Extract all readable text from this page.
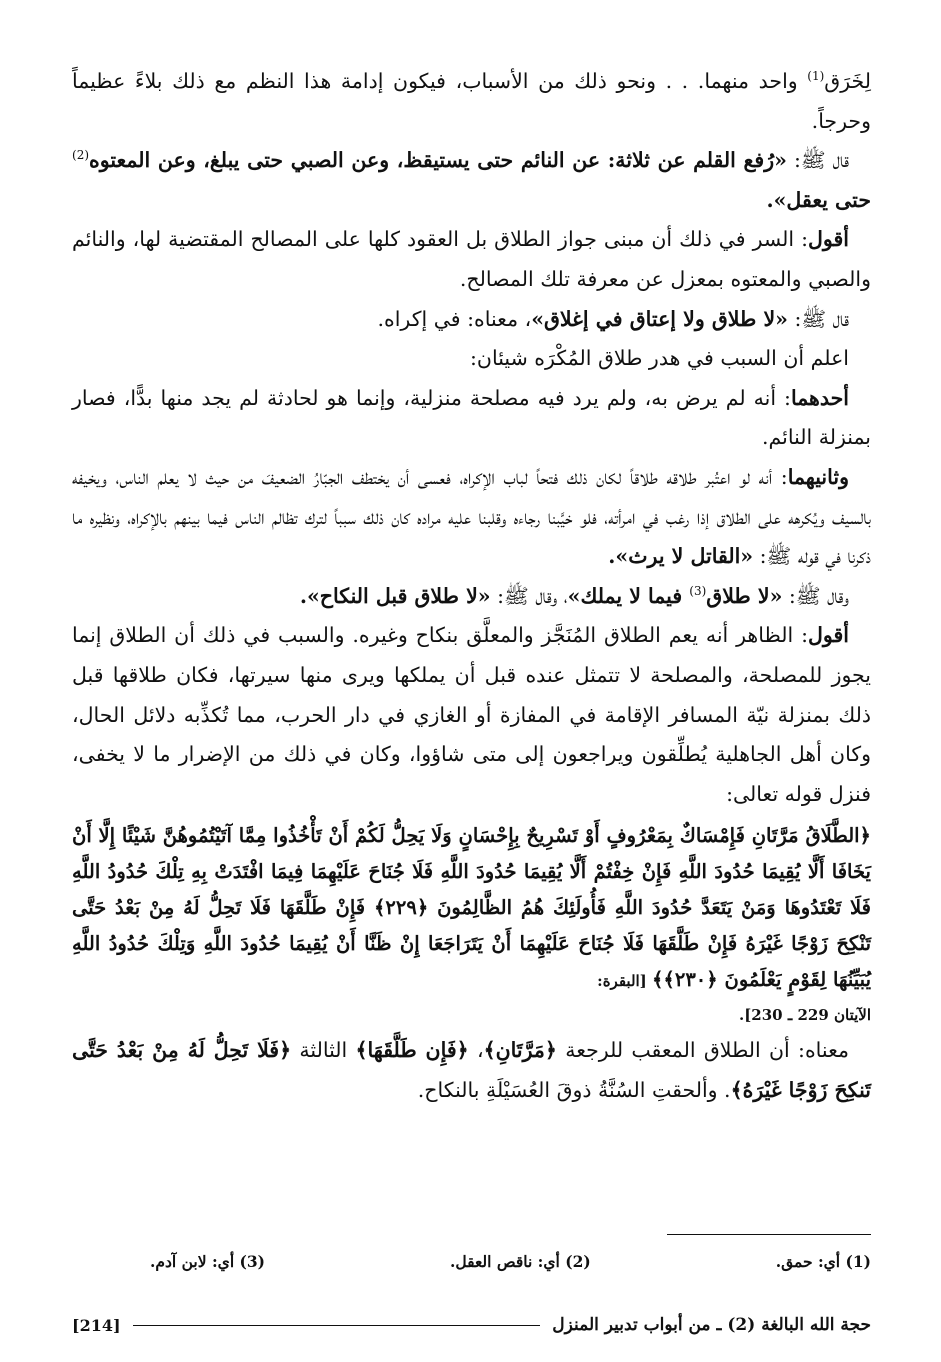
لِخَرَق$^{(1)}$ واحد منهما. . . ونحو ذلك من الأسباب، فيكون إدامة هذا النظم مع ذلك بلاءً عظيماً وحرجاً.

قال ﷺ: «رُفع القلم عن ثلاثة: عن النائم حتى يستيقظ، وعن الصبي حتى يبلغ، وعن المعتوه$^{(2)}$ حتى يعقل».

أقول: السر في ذلك أن مبنى جواز الطلاق بل العقود كلها على المصالح المقتضية لها، والنائم والصبي والمعتوه بمعزل عن معرفة تلك المصالح.

قال ﷺ: «لا طلاق ولا إعتاق في إغلاق»، معناه: في إكراه.

اعلم أن السبب في هدر طلاق المُكْرَه شيئان:

أحدهما: أنه لم يرض به، ولم يرد فيه مصلحة منزلية، وإنما هو لحادثة لم يجد منها بدًّا، فصار بمنزلة النائم.

وثانيهما: أنه لو اعتُبر طلاقه طلاقاً لكان ذلك فتحاً لباب الإكراه، فعسى أن يختطف الجبّارُ الضعيفَ من حيث لا يعلم الناس، ويخيفه بالسيف ويُكرهه على الطلاق إذا رغب في امرأته، فلو خيَّبنا رجاءه وقلبنا عليه مراده كان ذلك سبباً لترك تظالم الناس فيما بينهم بالإكراه، ونظيره ما ذكرنا في قوله ﷺ: «القاتل لا يرث».

وقال ﷺ: «لا طلاق$^{(3)}$ فيما لا يملك»، وقال ﷺ: «لا طلاق قبل النكاح».

أقول: الظاهر أنه يعم الطلاق المُنَجَّز والمعلَّق بنكاح وغيره. والسبب في ذلك أن الطلاق إنما يجوز للمصلحة، والمصلحة لا تتمثل عنده قبل أن يملكها ويرى منها سيرتها، فكان طلاقها قبل ذلك بمنزلة نيّة المسافر الإقامة في المفازة أو الغازي في دار الحرب، مما تُكذِّبه دلائل الحال، وكان أهل الجاهلية يُطلِّقون ويراجعون إلى متى شاؤوا، وكان في ذلك من الإضرار ما لا يخفى، فنزل قوله تعالى:

﴿الطَّلَاقُ مَرَّتَانِ فَإِمْسَاكٌ بِمَعْرُوفٍ أَوْ تَسْرِيحٌ بِإِحْسَانٍ وَلَا يَحِلُّ لَكُمْ أَنْ تَأْخُذُوا مِمَّا آتَيْتُمُوهُنَّ شَيْئًا إِلَّا أَنْ يَخَافَا أَلَّا يُقِيمَا حُدُودَ اللَّهِ فَإِنْ خِفْتُمْ أَلَّا يُقِيمَا حُدُودَ اللَّهِ فَلَا جُنَاحَ عَلَيْهِمَا فِيمَا افْتَدَتْ بِهِ تِلْكَ حُدُودُ اللَّهِ فَلَا تَعْتَدُوهَا وَمَنْ يَتَعَدَّ حُدُودَ اللَّهِ فَأُولَئِكَ هُمُ الظَّالِمُونَ ﴿٢٢٩﴾ فَإِنْ طَلَّقَهَا فَلَا تَحِلُّ لَهُ مِنْ بَعْدُ حَتَّى تَنْكِحَ زَوْجًا غَيْرَهُ فَإِنْ طَلَّقَهَا فَلَا جُنَاحَ عَلَيْهِمَا أَنْ يَتَرَاجَعَا إِنْ ظَنَّا أَنْ يُقِيمَا حُدُودَ اللَّهِ وَتِلْكَ حُدُودُ اللَّهِ يُبَيِّنُهَا لِقَوْمٍ يَعْلَمُونَ ﴿٢٣٠﴾﴾ [البقرة:

الآيتان 229 ـ 230].

معناه: أن الطلاق المعقب للرجعة ﴿مَرَّتَانِ﴾، ﴿فَإِن طَلَّقَهَا﴾ الثالثة ﴿فَلَا تَحِلُّ لَهُ مِنْ بَعْدُ حَتَّى تَنكِحَ زَوْجًا غَيْرَهُ﴾. وألحقتِ السُنَّةُ ذوقَ العُسَيْلَةِ بالنكاح.

(1) أي: حمق.
(2) أي: ناقص العقل.
(3) أي: لابن آدم.
حجة الله البالغة (2) ـ من أبواب تدبير المنزل
[214]
